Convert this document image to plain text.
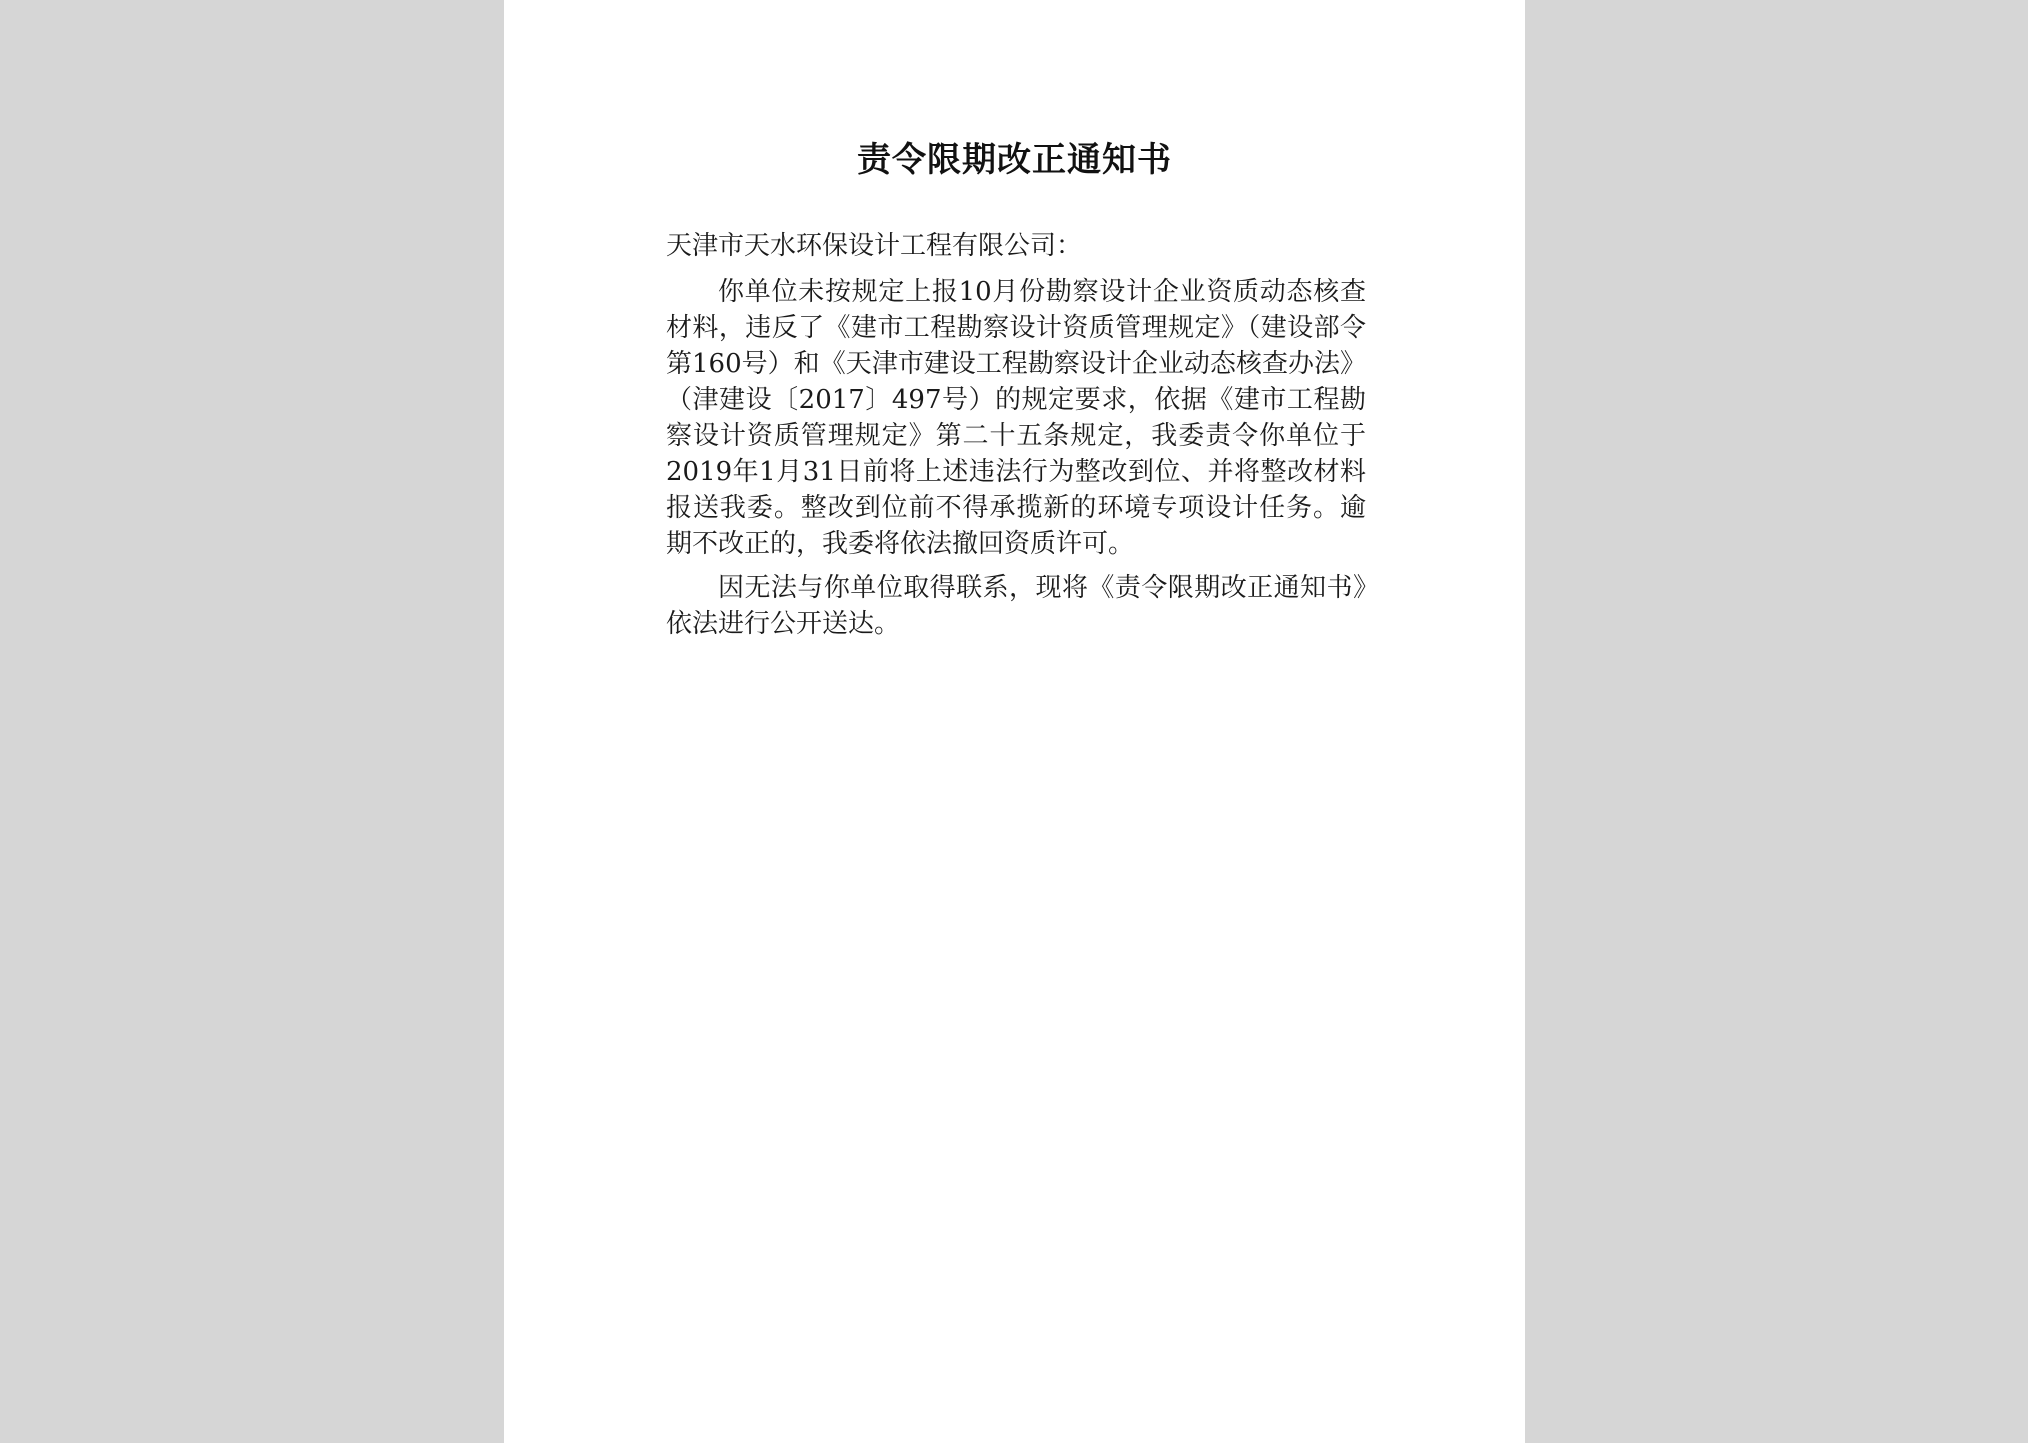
责令限期改正通知书

天津市天水环保设计工程有限公司：

你单位未按规定上报10月份勘察设计企业资质动态核查材料，违反了《建市工程勘察设计资质管理规定》（建设部令第160号）和《天津市建设工程勘察设计企业动态核查办法》（津建设〔2017〕497号）的规定要求，依据《建市工程勘察设计资质管理规定》第二十五条规定，我委责令你单位于2019年1月31日前将上述违法行为整改到位、并将整改材料报送我委。整改到位前不得承揽新的环境专项设计任务。逾期不改正的，我委将依法撤回资质许可。

因无法与你单位取得联系，现将《责令限期改正通知书》依法进行公开送达。
